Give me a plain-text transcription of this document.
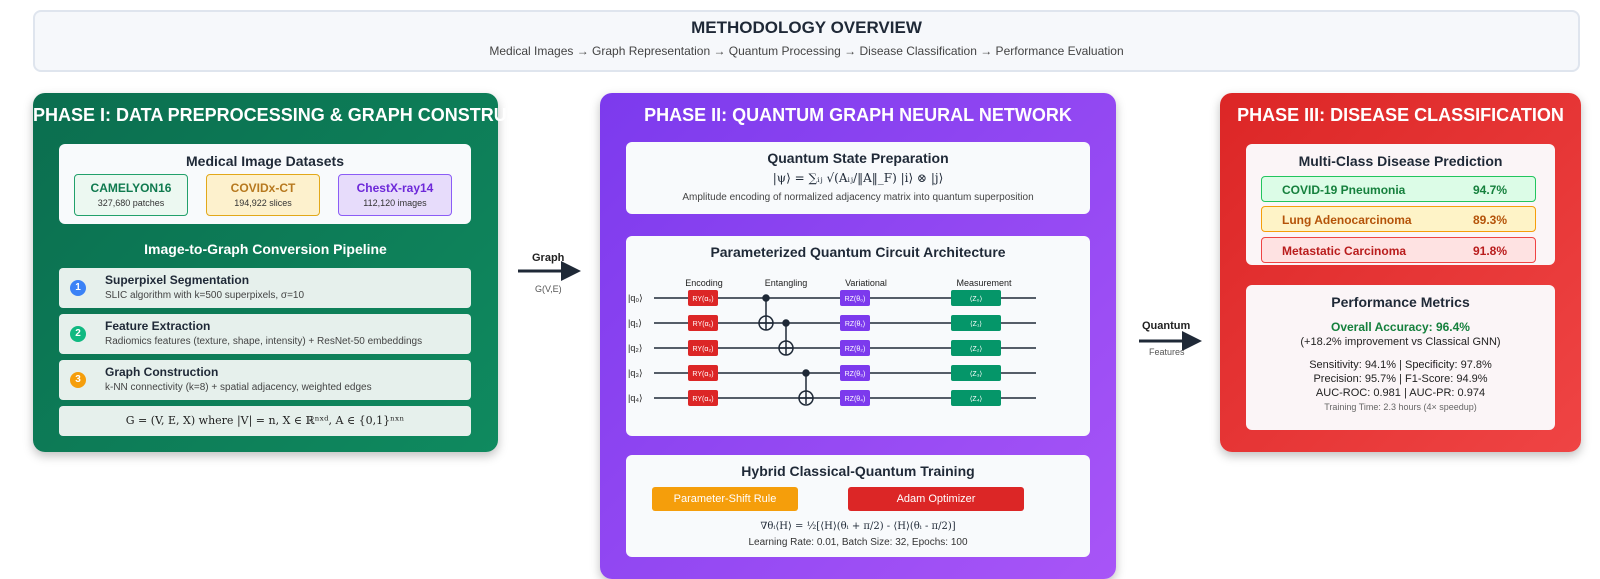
METHODOLOGY OVERVIEW
Medical Images → Graph Representation → Quantum Processing → Disease Classification → Performance Evaluation
PHASE I: DATA PREPROCESSING & GRAPH CONSTRUCTION
Medical Image Datasets
CAMELYON16
327,680 patches
COVIDx-CT
194,922 slices
ChestX-ray14
112,120 images
Image-to-Graph Conversion Pipeline
1
Superpixel Segmentation
SLIC algorithm with k=500 superpixels, σ=10
2
Feature Extraction
Radiomics features (texture, shape, intensity) + ResNet-50 embeddings
3
Graph Construction
k-NN connectivity (k=8) + spatial adjacency, weighted edges
G = (V, E, X) where |V| = n, X ∈ ℝⁿˣᵈ, A ∈ {0,1}ⁿˣⁿ
Graph
G(V,E)
PHASE II: QUANTUM GRAPH NEURAL NETWORK
Quantum State Preparation
|ψ⟩ = ∑ᵢⱼ √(Aᵢⱼ/‖A‖_F) |i⟩ ⊗ |j⟩
Amplitude encoding of normalized adjacency matrix into quantum superposition
Parameterized Quantum Circuit Architecture
Encoding	Entangling	Variational	Measurement
|q₀⟩	RY(α₀)	RZ(θ₀)	⟨Z₀⟩
|q₁⟩	RY(α₁)	RZ(θ₁)	⟨Z₁⟩
|q₂⟩	RY(α₂)	RZ(θ₂)	⟨Z₂⟩
|q₃⟩	RY(α₃)	RZ(θ₃)	⟨Z₃⟩
|q₄⟩	RY(α₄)	RZ(θ₄)	⟨Z₄⟩
Hybrid Classical-Quantum Training
Parameter-Shift Rule	Adam Optimizer
∇θᵢ⟨H⟩ = ½[⟨H⟩(θᵢ + π/2) - ⟨H⟩(θᵢ - π/2)]
Learning Rate: 0.01, Batch Size: 32, Epochs: 100
Quantum
Features
PHASE III: DISEASE CLASSIFICATION
Multi-Class Disease Prediction
COVID-19 Pneumonia	94.7%
Lung Adenocarcinoma	89.3%
Metastatic Carcinoma	91.8%
Performance Metrics
Overall Accuracy: 96.4%
(+18.2% improvement vs Classical GNN)
Sensitivity: 94.1% | Specificity: 97.8%
Precision: 95.7% | F1-Score: 94.9%
AUC-ROC: 0.981 | AUC-PR: 0.974
Training Time: 2.3 hours (4× speedup)
